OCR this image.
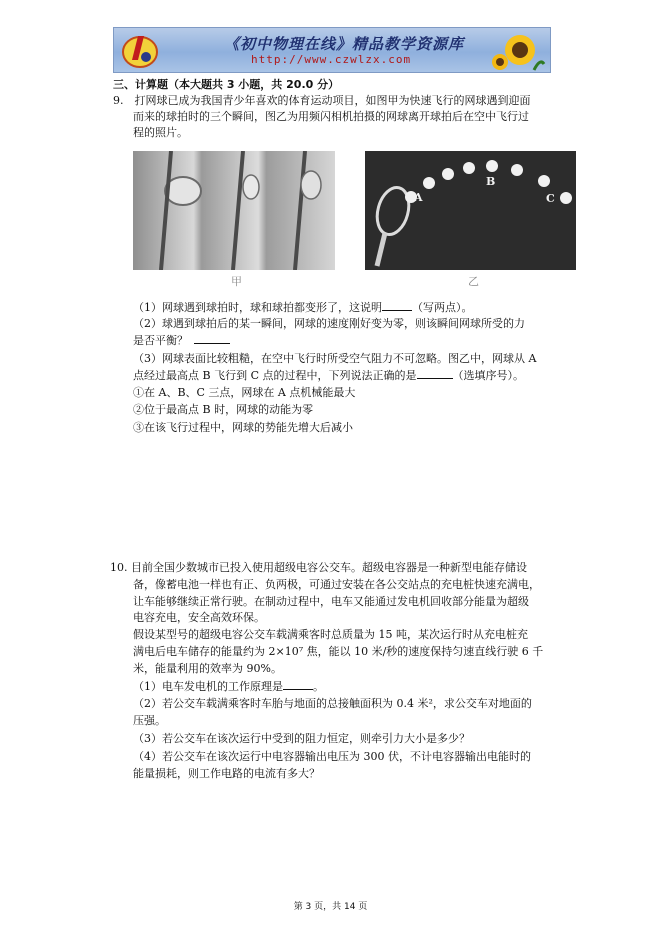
《初中物理在线》精品教学资源库
http://www.czwlzx.com
三、计算题（本大题共 3 小题，共 20.0 分）
9.　打网球已成为我国青少年喜欢的体育运动项目，如图甲为快速飞行的网球遇到迎面
而来的球拍时的三个瞬间，图乙为用频闪相机拍摄的网球离开球拍后在空中飞行过
程的照片。
甲
A
B
C
乙
（1）网球遇到球拍时，球和球拍都变形了，这说明	（写两点）。
（2）球遇到球拍后的某一瞬间，网球的速度刚好变为零，则该瞬间网球所受的力
是否平衡？
（3）网球表面比较粗糙，在空中飞行时所受空气阻力不可忽略。图乙中，网球从 A
点经过最高点 B 飞行到 C 点的过程中，下列说法正确的是	（选填序号）。
①在 A、B、C 三点，网球在 A 点机械能最大
②位于最高点 B 时，网球的动能为零
③在该飞行过程中，网球的势能先增大后减小
10. 目前全国少数城市已投入使用超级电容公交车。超级电容器是一种新型电能存储设
备，像蓄电池一样也有正、负两极，可通过安装在各公交站点的充电桩快速充满电，
让车能够继续正常行驶。在制动过程中，电车又能通过发电机回收部分能量为超级
电容充电，安全高效环保。
假设某型号的超级电容公交车载满乘客时总质量为 15 吨，某次运行时从充电桩充
满电后电车储存的能量约为 2×10⁷ 焦，能以 10 米/秒的速度保持匀速直线行驶 6 千
米，能量利用的效率为 90%。
（1）电车发电机的工作原理是	。
（2）若公交车载满乘客时车胎与地面的总接触面积为 0.4 米²，求公交车对地面的
压强。
（3）若公交车在该次运行中受到的阻力恒定，则牵引力大小是多少？
（4）若公交车在该次运行中电容器输出电压为 300 伏，不计电容器输出电能时的
能量损耗，则工作电路的电流有多大？
第 3 页，共 14 页
